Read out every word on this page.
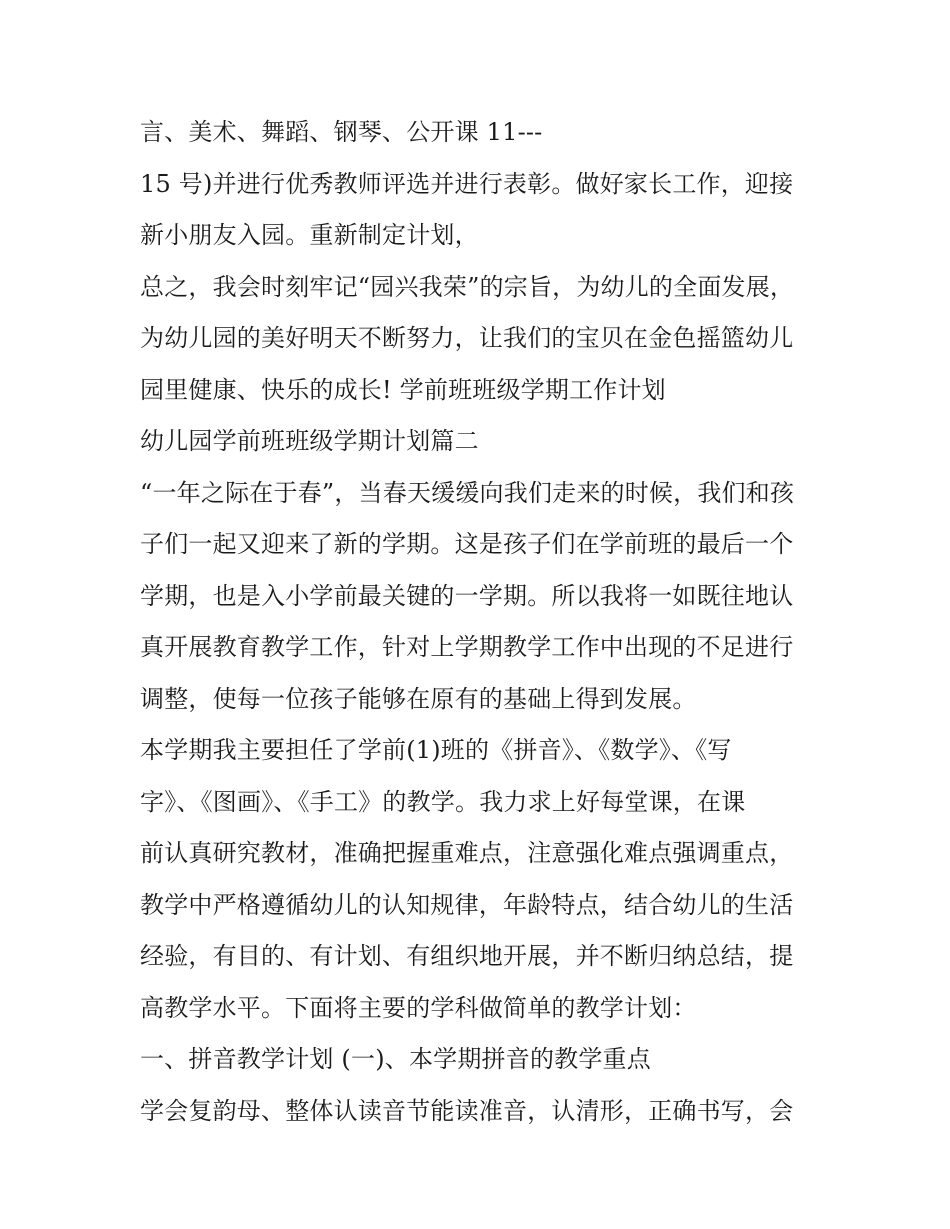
言、美术、舞蹈、钢琴、公开课 11---
15 号)并进行优秀教师评选并进行表彰。做好家长工作，迎接
新小朋友入园。重新制定计划，
总之，我会时刻牢记“园兴我荣”的宗旨，为幼儿的全面发展，
为幼儿园的美好明天不断努力，让我们的宝贝在金色摇篮幼儿
园里健康、快乐的成长! 学前班班级学期工作计划
幼儿园学前班班级学期计划篇二
“一年之际在于春”，当春天缓缓向我们走来的时候，我们和孩
子们一起又迎来了新的学期。这是孩子们在学前班的最后一个
学期，也是入小学前最关键的一学期。所以我将一如既往地认
真开展教育教学工作，针对上学期教学工作中出现的不足进行
调整，使每一位孩子能够在原有的基础上得到发展。
本学期我主要担任了学前(1)班的《拼音》、《数学》、《写
字》、《图画》、《手工》的教学。我力求上好每堂课，在课
前认真研究教材，准确把握重难点，注意强化难点强调重点，
教学中严格遵循幼儿的认知规律，年龄特点，结合幼儿的生活
经验，有目的、有计划、有组织地开展，并不断归纳总结，提
高教学水平。下面将主要的学科做简单的教学计划：
一、拼音教学计划 (一)、本学期拼音的教学重点
学会复韵母、整体认读音节能读准音，认清形，正确书写，会
